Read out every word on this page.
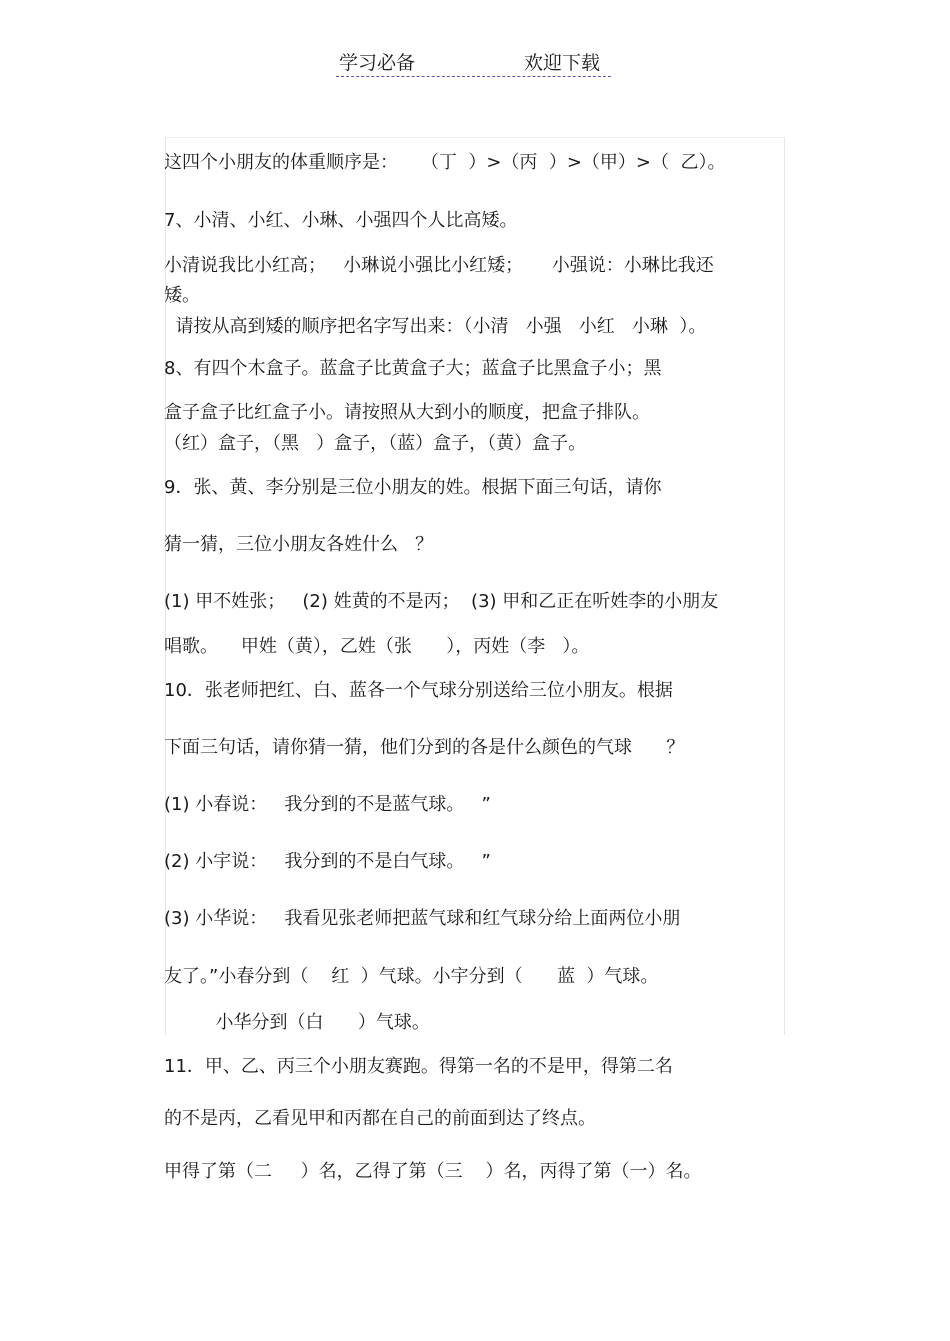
学习必备	欢迎下载
这四个小朋友的体重顺序是：    （丁  ）>（丙  ）>（甲）>（  乙）。
7、小清、小红、小琳、小强四个人比高矮。
小清说我比小红高；   小琳说小强比小红矮；     小强说：小琳比我还
矮。
请按从高到矮的顺序把名字写出来：（小清   小强   小红   小琳  ）。
8、有四个木盒子。蓝盒子比黄盒子大；蓝盒子比黑盒子小；黑
盒子盒子比红盒子小。请按照从大到小的顺度，把盒子排队。
（红）盒子，（黑   ）盒子，（蓝）盒子，（黄）盒子。
9．张、黄、李分别是三位小朋友的姓。根据下面三句话，请你
猜一猜，三位小朋友各姓什么   ？
(1) 甲不姓张；   (2) 姓黄的不是丙；  (3) 甲和乙正在听姓李的小朋友
唱歌。    甲姓（黄），乙姓（张      ），丙姓（李   ）。
10．张老师把红、白、蓝各一个气球分别送给三位小朋友。根据
下面三句话，请你猜一猜，他们分到的各是什么颜色的气球      ？
(1) 小春说：   我分到的不是蓝气球。   ”
(2) 小宇说：   我分到的不是白气球。   ”
(3) 小华说：   我看见张老师把蓝气球和红气球分给上面两位小朋
友了。”小春分到（    红  ）气球。小宇分到（      蓝  ）气球。
小华分到（白      ）气球。
11．甲、乙、丙三个小朋友赛跑。得第一名的不是甲，得第二名
的不是丙，乙看见甲和丙都在自己的前面到达了终点。
甲得了第（二     ）名，乙得了第（三    ）名，丙得了第（一）名。
